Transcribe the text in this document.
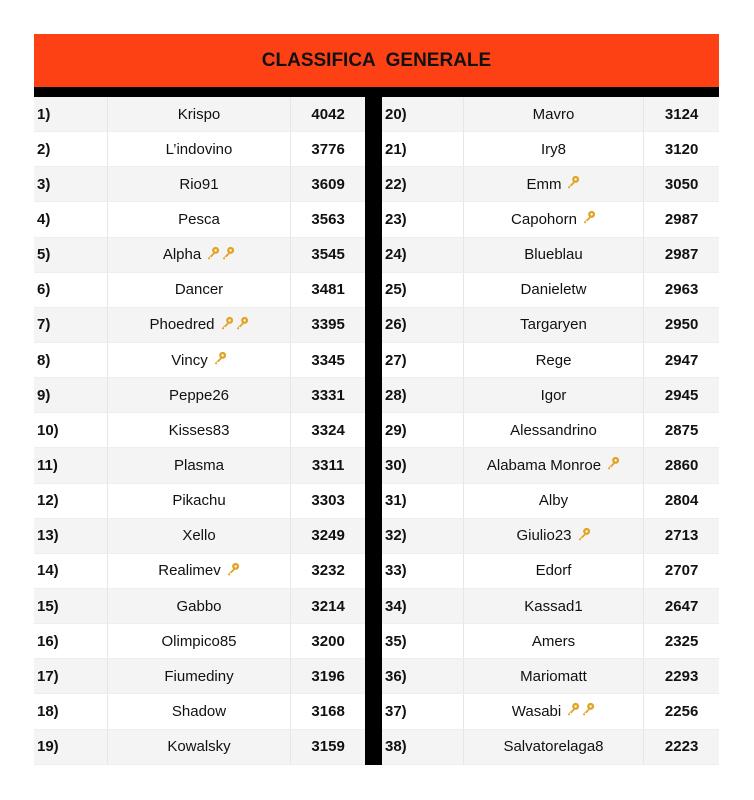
CLASSIFICA  GENERALE
1)	Krispo	4042
2)	L’indovino	3776
3)	Rio91	3609
4)	Pesca	3563
5)	Alpha	3545
6)	Dancer	3481
7)	Phoedred	3395
8)	Vincy	3345
9)	Peppe26	3331
10)	Kisses83	3324
11)	Plasma	3311
12)	Pikachu	3303
13)	Xello	3249
14)	Realimev	3232
15)	Gabbo	3214
16)	Olimpico85	3200
17)	Fiumediny	3196
18)	Shadow	3168
19)	Kowalsky	3159
20)	Mavro	3124
21)	Iry8	3120
22)	Emm	3050
23)	Capohorn	2987
24)	Blueblau	2987
25)	Danieletw	2963
26)	Targaryen	2950
27)	Rege	2947
28)	Igor	2945
29)	Alessandrino	2875
30)	Alabama Monroe	2860
31)	Alby	2804
32)	Giulio23	2713
33)	Edorf	2707
34)	Kassad1	2647
35)	Amers	2325
36)	Mariomatt	2293
37)	Wasabi	2256
38)	Salvatorelaga8	2223
